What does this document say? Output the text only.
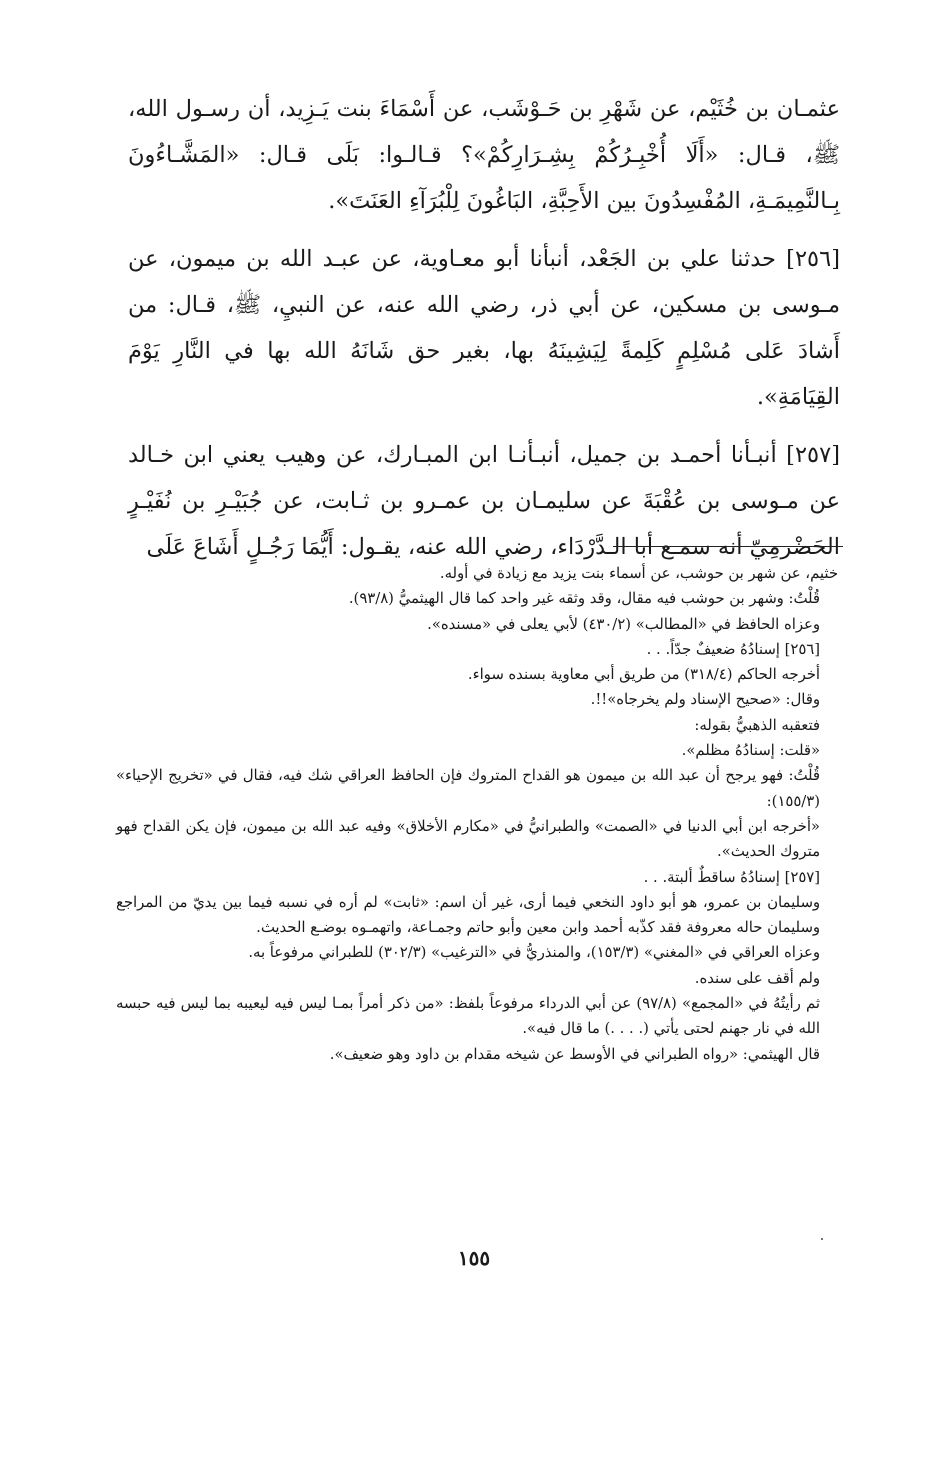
عثمـان بن خُثَيْم، عن شَهْرِ بن حَـوْشَب، عن أَسْمَاءَ بنت يَـزِيد، أن رسـول الله، ﷺ، قـال: «أَلَا أُخْبِـرُكُمْ بِشِـرَارِكُمْ»؟ قـالـوا: بَلَى قـال: «المَشَّـاءُونَ بِـالنَّمِيمَـةِ، المُفْسِدُونَ بين الأَحِبَّةِ، البَاغُونَ لِلْبُرَآءِ العَنَتَ».

[٢٥٦] حدثنا علي بن الجَعْد، أنبأنا أبو معـاوية، عن عبـد الله بن ميمون، عن مـوسى بن مسكين، عن أبي ذر، رضي الله عنه، عن النبيِ، ﷺ، قـال: من أَشادَ عَلى مُسْلِمٍ كَلِمةً لِيَشِينَهُ بها، بغير حق شَانَهُ الله بها في النَّارِ يَوْمَ القِيَامَةِ».

[٢٥٧] أنبـأنا أحمـد بن جميل، أنبـأنـا ابن المبـارك، عن وهيب يعني ابن خـالد عن مـوسى بن عُقْبَةَ عن سليمـان بن عمـرو بن ثـابت، عن جُبَيْـرِ بن نُفَيْـرٍ الحَضْرمِيّ أنه سمـع أبا الـدَّرْدَاء، رضي الله عنه، يقـول: أَيُّمَا رَجُـلٍ أَشَاعَ عَلَى

خثيم، عن شهر بن حوشب، عن أسماء بنت يزيد مع زيادة في أوله.

قُلْتُ: وشهر بن حوشب فيه مقال، وقد وثقه غير واحد كما قال الهيثميُّ (٩٣/٨).

وعزاه الحافظ في «المطالب» (٤٣٠/٢) لأبي يعلى في «مسنده».

[٢٥٦] إسنادُهُ ضعيفٌ جدّاً. . .

أخرجه الحاكم (٣١٨/٤) من طريق أبي معاوية بسنده سواء.

وقال: «صحيح الإسناد ولم يخرجاه»!!.

فتعقبه الذهبيُّ بقوله:

«قلت: إسنادُهُ مظلم».

قُلْتُ: فهو يرجح أن عبد الله بن ميمون هو القداح المتروك فإن الحافظ العراقي شك فيه، فقال في «تخريج الإحياء» (١٥٥/٣):

«أخرجه ابن أبي الدنيا في «الصمت» والطبرانيُّ في «مكارم الأخلاق» وفيه عبد الله بن ميمون، فإن يكن القداح فهو متروك الحديث».

[٢٥٧] إسنادُهُ ساقطٌ ألبتة. . .

وسليمان بن عمرو، هو أبو داود النخعي فيما أرى، غير أن اسم: «ثابت» لم أره في نسبه فيما بين يديّ من المراجع وسليمان حاله معروفة فقد كذّبه أحمد وابن معين وأبو حاتم وجمـاعة، واتهمـوه بوضـع الحديث.

وعزاه العراقي في «المغني» (١٥٣/٣)، والمنذريُّ في «الترغيب» (٣٠٢/٣) للطبراني مرفوعاً به.

ولم أقف على سنده.

ثم رأيتُهُ في «المجمع» (٩٧/٨) عن أبي الدرداء مرفوعاً بلفظ: «من ذكر أمراً بمـا ليس فيه ليعيبه بما ليس فيه حبسه الله في نار جهنم لحتى يأتي (. . . .) ما قال فيه».

قال الهيثمي: «رواه الطبراني في الأوسط عن شيخه مقدام بن داود وهو ضعيف».

١٥٥
